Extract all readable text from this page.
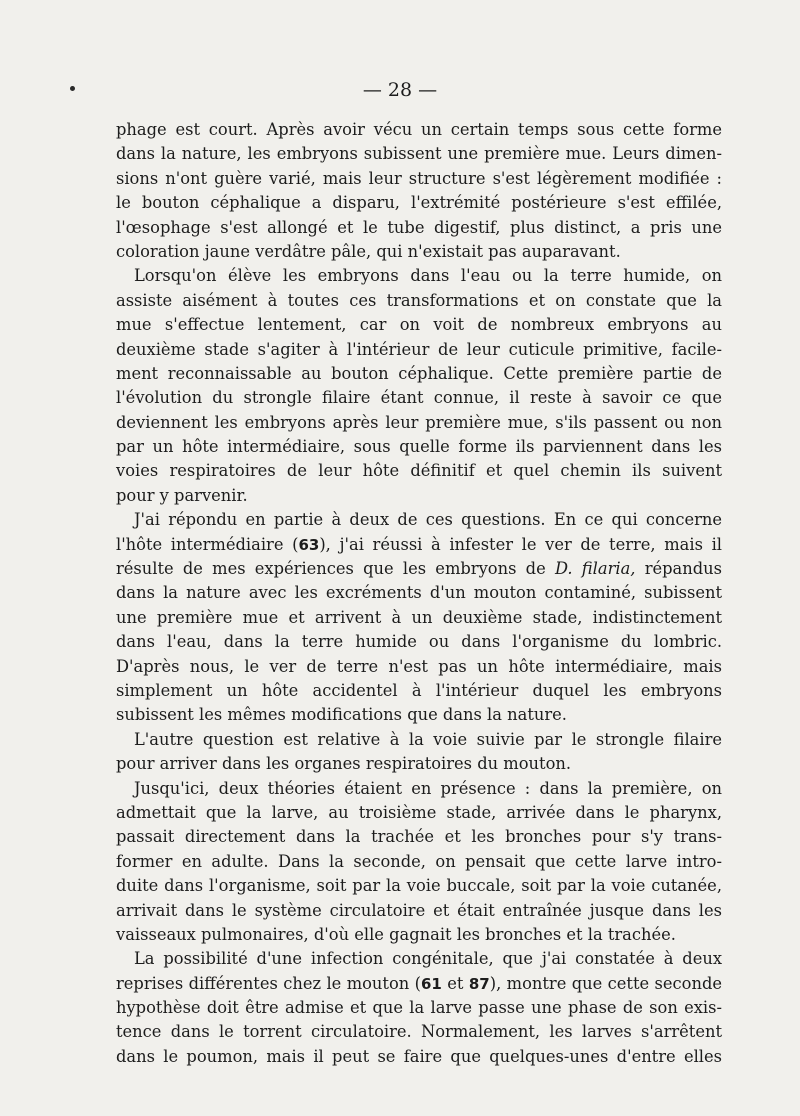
— 28 —

phage est court. Après avoir vécu un certain temps sous cette forme

dans la nature, les embryons subissent une première mue. Leurs dimen-

sions n'ont guère varié, mais leur structure s'est légèrement modifiée :

le bouton céphalique a disparu, l'extrémité postérieure s'est effilée,

l'œsophage s'est allongé et le tube digestif, plus distinct, a pris une

coloration jaune verdâtre pâle, qui n'existait pas auparavant.

Lorsqu'on élève les embryons dans l'eau ou la terre humide, on

assiste aisément à toutes ces transformations et on constate que la

mue s'effectue lentement, car on voit de nombreux embryons au

deuxième stade s'agiter à l'intérieur de leur cuticule primitive, facile-

ment reconnaissable au bouton céphalique. Cette première partie de

l'évolution du strongle filaire étant connue, il reste à savoir ce que

deviennent les embryons après leur première mue, s'ils passent ou non

par un hôte intermédiaire, sous quelle forme ils parviennent dans les

voies respiratoires de leur hôte définitif et quel chemin ils suivent

pour y parvenir.

J'ai répondu en partie à deux de ces questions. En ce qui concerne

l'hôte intermédiaire (63), j'ai réussi à infester le ver de terre, mais il

résulte de mes expériences que les embryons de D. filaria, répandus

dans la nature avec les excréments d'un mouton contaminé, subissent

une première mue et arrivent à un deuxième stade, indistinctement

dans l'eau, dans la terre humide ou dans l'organisme du lombric.

D'après nous, le ver de terre n'est pas un hôte intermédiaire, mais

simplement un hôte accidentel à l'intérieur duquel les embryons

subissent les mêmes modifications que dans la nature.

L'autre question est relative à la voie suivie par le strongle filaire

pour arriver dans les organes respiratoires du mouton.

Jusqu'ici, deux théories étaient en présence : dans la première, on

admettait que la larve, au troisième stade, arrivée dans le pharynx,

passait directement dans la trachée et les bronches pour s'y trans-

former en adulte. Dans la seconde, on pensait que cette larve intro-

duite dans l'organisme, soit par la voie buccale, soit par la voie cutanée,

arrivait dans le système circulatoire et était entraînée jusque dans les

vaisseaux pulmonaires, d'où elle gagnait les bronches et la trachée.

La possibilité d'une infection congénitale, que j'ai constatée à deux

reprises différentes chez le mouton (61 et 87), montre que cette seconde

hypothèse doit être admise et que la larve passe une phase de son exis-

tence dans le torrent circulatoire. Normalement, les larves s'arrêtent

dans le poumon, mais il peut se faire que quelques-unes d'entre elles
